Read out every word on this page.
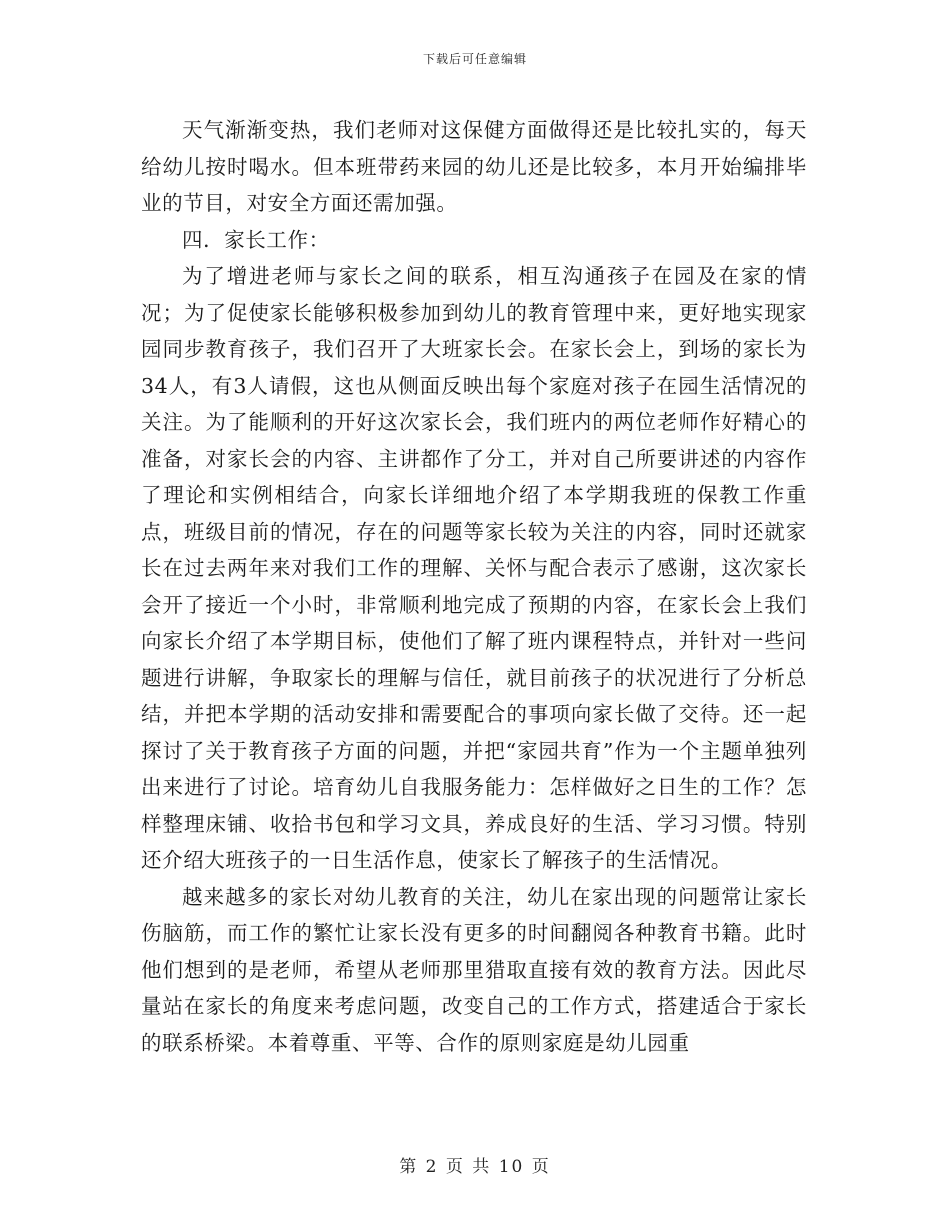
下载后可任意编辑

天气渐渐变热，我们老师对这保健方面做得还是比较扎实的，每天给幼儿按时喝水。但本班带药来园的幼儿还是比较多，本月开始编排毕业的节目，对安全方面还需加强。

四．家长工作：

为了增进老师与家长之间的联系，相互沟通孩子在园及在家的情况；为了促使家长能够积极参加到幼儿的教育管理中来，更好地实现家园同步教育孩子，我们召开了大班家长会。在家长会上，到场的家长为34人，有3人请假，这也从侧面反映出每个家庭对孩子在园生活情况的关注。为了能顺利的开好这次家长会，我们班内的两位老师作好精心的准备，对家长会的内容、主讲都作了分工，并对自己所要讲述的内容作了理论和实例相结合，向家长详细地介绍了本学期我班的保教工作重点，班级目前的情况，存在的问题等家长较为关注的内容，同时还就家长在过去两年来对我们工作的理解、关怀与配合表示了感谢，这次家长会开了接近一个小时，非常顺利地完成了预期的内容，在家长会上我们向家长介绍了本学期目标，使他们了解了班内课程特点，并针对一些问题进行讲解，争取家长的理解与信任，就目前孩子的状况进行了分析总结，并把本学期的活动安排和需要配合的事项向家长做了交待。还一起探讨了关于教育孩子方面的问题，并把“家园共育”作为一个主题单独列出来进行了讨论。培育幼儿自我服务能力：怎样做好之日生的工作？怎样整理床铺、收拾书包和学习文具，养成良好的生活、学习习惯。特别还介绍大班孩子的一日生活作息，使家长了解孩子的生活情况。

越来越多的家长对幼儿教育的关注，幼儿在家出现的问题常让家长伤脑筋，而工作的繁忙让家长没有更多的时间翻阅各种教育书籍。此时他们想到的是老师，希望从老师那里猎取直接有效的教育方法。因此尽量站在家长的角度来考虑问题，改变自己的工作方式，搭建适合于家长的联系桥梁。本着尊重、平等、合作的原则家庭是幼儿园重

第 2 页 共 10 页
